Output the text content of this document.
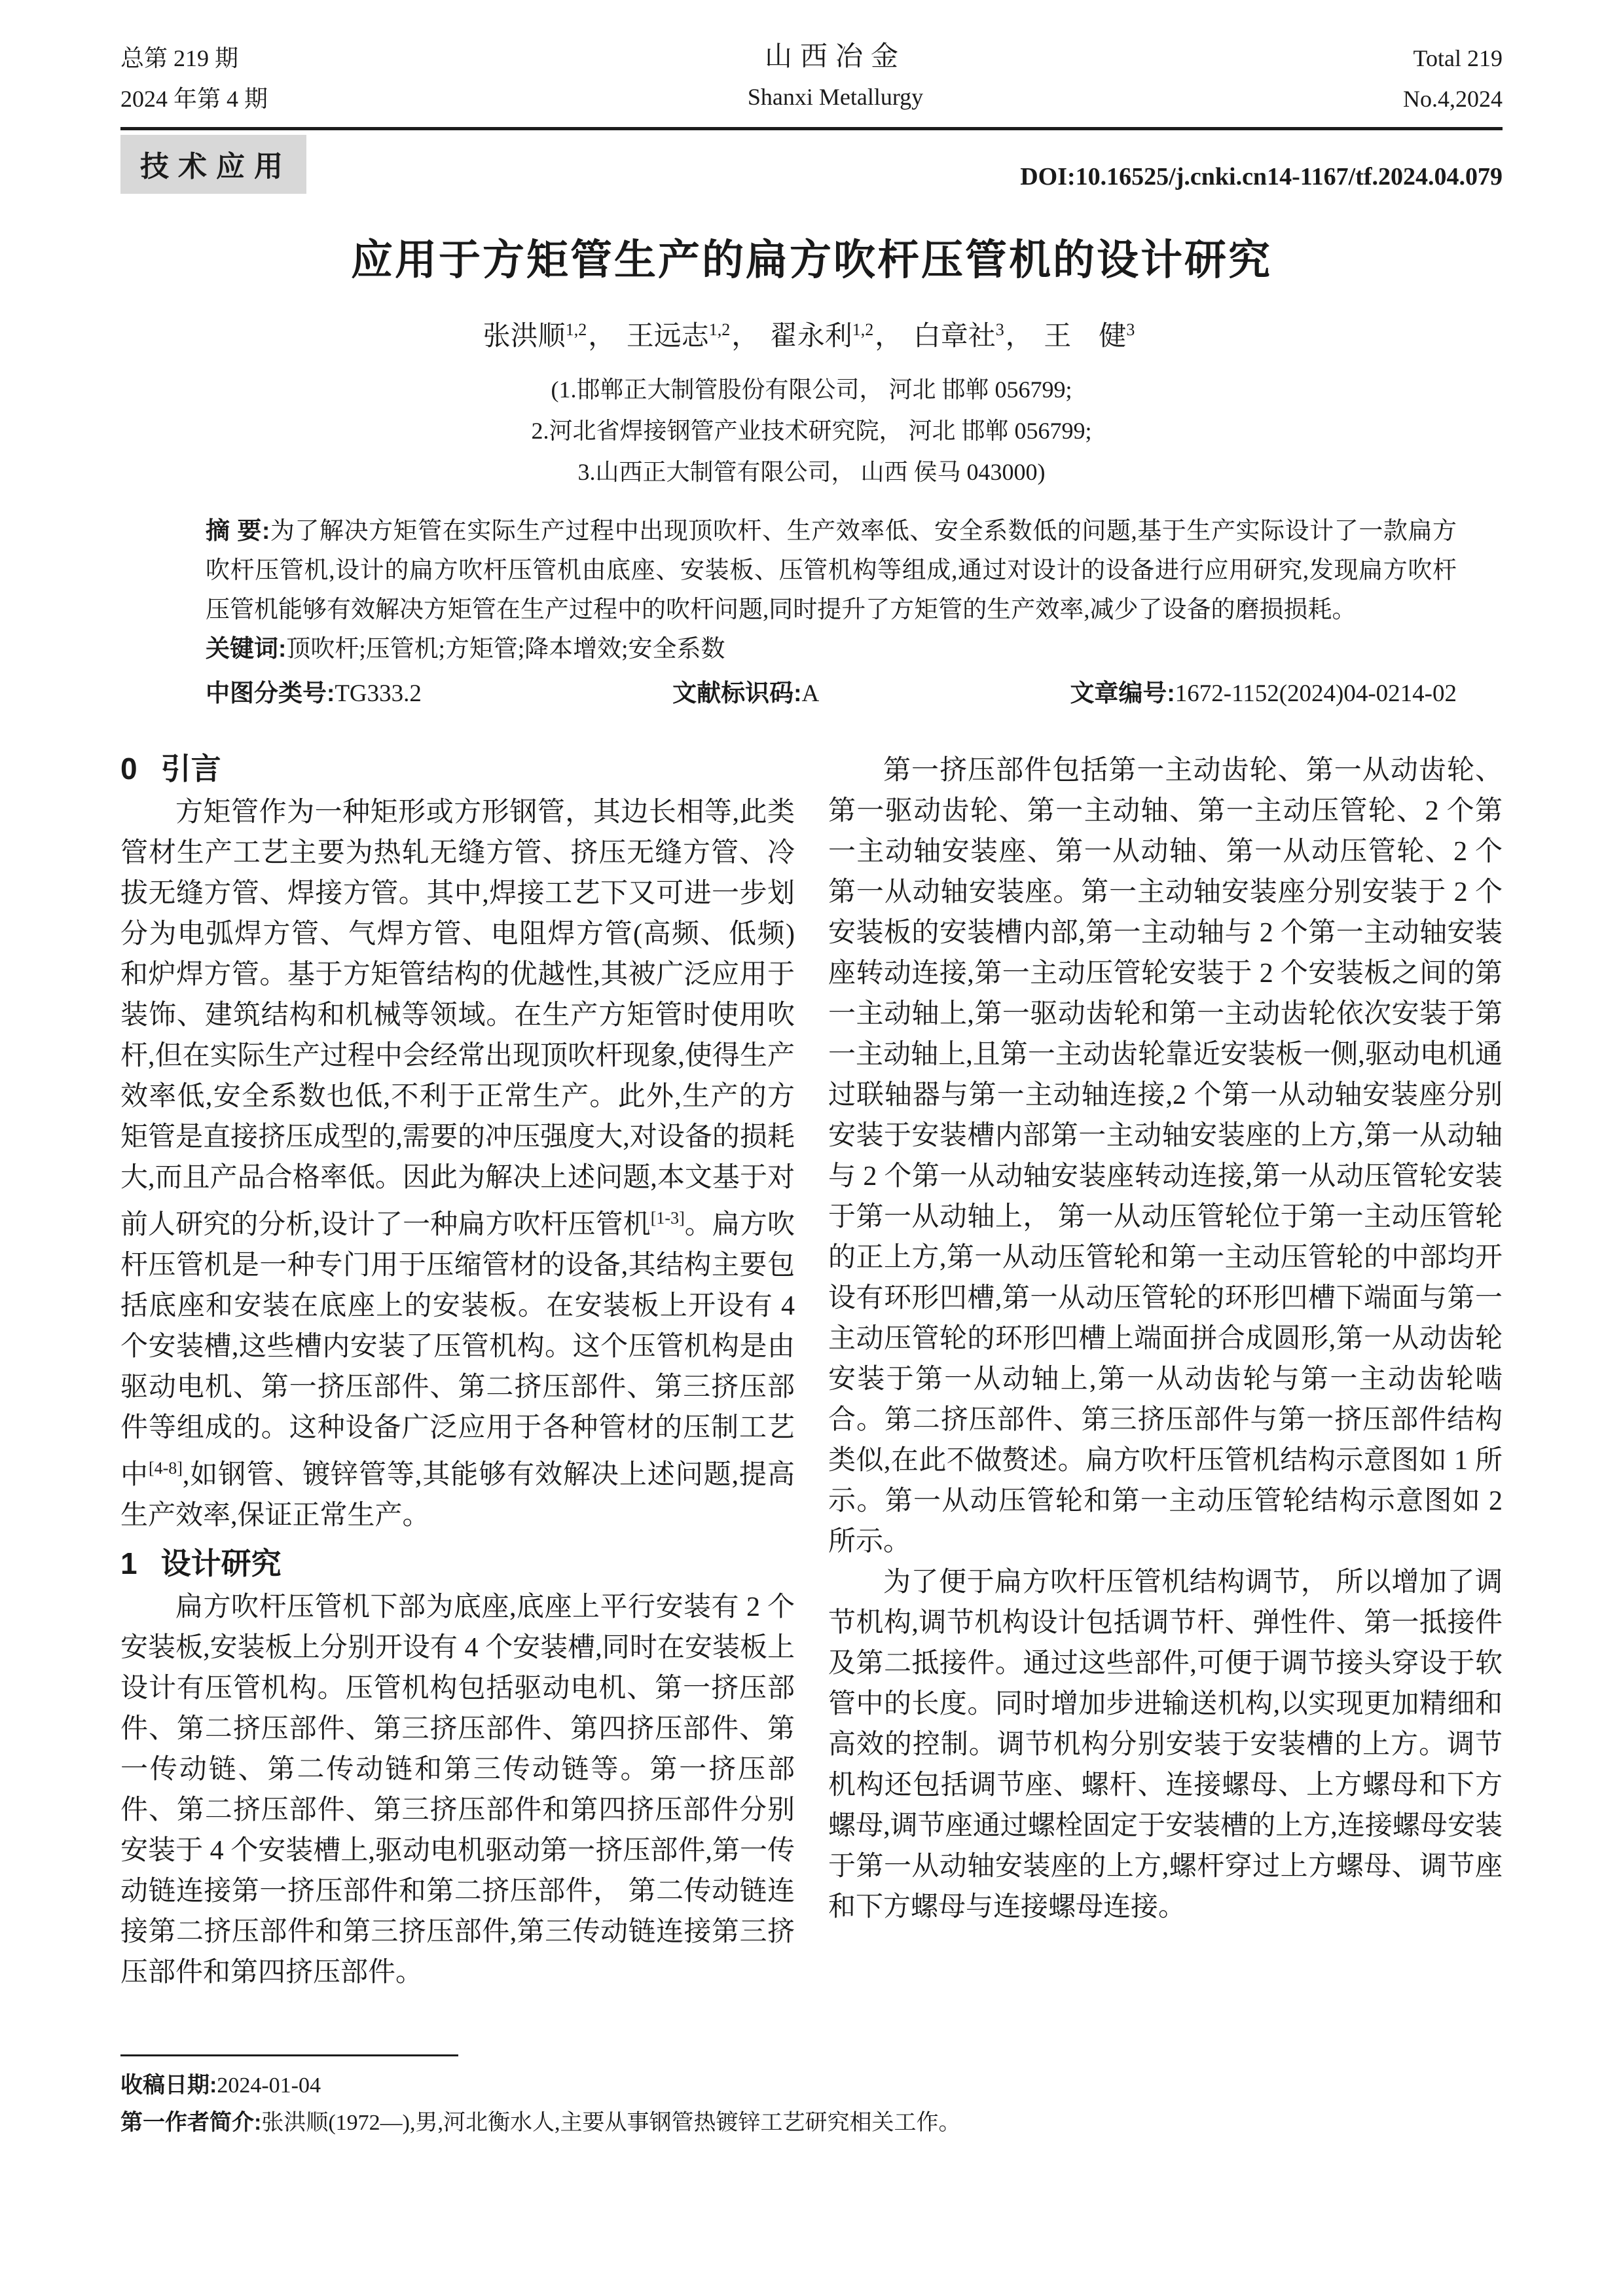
总第 219 期
2024 年第 4 期
山西冶金
Shanxi Metallurgy
Total 219
No.4,2024
技术应用	DOI:10.16525/j.cnki.cn14-1167/tf.2024.04.079
应用于方矩管生产的扁方吹杆压管机的设计研究
张洪顺$^{1,2}$， 王远志$^{1,2}$， 翟永利$^{1,2}$， 白章社$^3$， 王　健$^3$
(1.邯郸正大制管股份有限公司， 河北 邯郸 056799;
2.河北省焊接钢管产业技术研究院， 河北 邯郸 056799;
3.山西正大制管有限公司， 山西 侯马 043000)
摘 要:为了解决方矩管在实际生产过程中出现顶吹杆、生产效率低、安全系数低的问题,基于生产实际设计了一款扁方吹杆压管机,设计的扁方吹杆压管机由底座、安装板、压管机构等组成,通过对设计的设备进行应用研究,发现扁方吹杆压管机能够有效解决方矩管在生产过程中的吹杆问题,同时提升了方矩管的生产效率,减少了设备的磨损损耗。
关键词:顶吹杆;压管机;方矩管;降本增效;安全系数
中图分类号:TG333.2	文献标识码:A	文章编号:1672-1152(2024)04-0214-02
0 引言

方矩管作为一种矩形或方形钢管，其边长相等,此类管材生产工艺主要为热轧无缝方管、挤压无缝方管、冷拔无缝方管、焊接方管。其中,焊接工艺下又可进一步划分为电弧焊方管、气焊方管、电阻焊方管(高频、低频)和炉焊方管。基于方矩管结构的优越性,其被广泛应用于装饰、建筑结构和机械等领域。在生产方矩管时使用吹杆,但在实际生产过程中会经常出现顶吹杆现象,使得生产效率低,安全系数也低,不利于正常生产。此外,生产的方矩管是直接挤压成型的,需要的冲压强度大,对设备的损耗大,而且产品合格率低。因此为解决上述问题,本文基于对前人研究的分析,设计了一种扁方吹杆压管机[1-3]。扁方吹杆压管机是一种专门用于压缩管材的设备,其结构主要包括底座和安装在底座上的安装板。在安装板上开设有 4 个安装槽,这些槽内安装了压管机构。这个压管机构是由驱动电机、第一挤压部件、第二挤压部件、第三挤压部件等组成的。这种设备广泛应用于各种管材的压制工艺中[4-8],如钢管、镀锌管等,其能够有效解决上述问题,提高生产效率,保证正常生产。

1 设计研究

扁方吹杆压管机下部为底座,底座上平行安装有 2 个安装板,安装板上分别开设有 4 个安装槽,同时在安装板上设计有压管机构。压管机构包括驱动电机、第一挤压部件、第二挤压部件、第三挤压部件、第四挤压部件、第一传动链、第二传动链和第三传动链等。第一挤压部件、第二挤压部件、第三挤压部件和第四挤压部件分别安装于 4 个安装槽上,驱动电机驱动第一挤压部件,第一传动链连接第一挤压部件和第二挤压部件， 第二传动链连接第二挤压部件和第三挤压部件,第三传动链连接第三挤压部件和第四挤压部件。

第一挤压部件包括第一主动齿轮、第一从动齿轮、第一驱动齿轮、第一主动轴、第一主动压管轮、2 个第一主动轴安装座、第一从动轴、第一从动压管轮、2 个第一从动轴安装座。第一主动轴安装座分别安装于 2 个安装板的安装槽内部,第一主动轴与 2 个第一主动轴安装座转动连接,第一主动压管轮安装于 2 个安装板之间的第一主动轴上,第一驱动齿轮和第一主动齿轮依次安装于第一主动轴上,且第一主动齿轮靠近安装板一侧,驱动电机通过联轴器与第一主动轴连接,2 个第一从动轴安装座分别安装于安装槽内部第一主动轴安装座的上方,第一从动轴与 2 个第一从动轴安装座转动连接,第一从动压管轮安装于第一从动轴上， 第一从动压管轮位于第一主动压管轮的正上方,第一从动压管轮和第一主动压管轮的中部均开设有环形凹槽,第一从动压管轮的环形凹槽下端面与第一主动压管轮的环形凹槽上端面拼合成圆形,第一从动齿轮安装于第一从动轴上,第一从动齿轮与第一主动齿轮啮合。第二挤压部件、第三挤压部件与第一挤压部件结构类似,在此不做赘述。扁方吹杆压管机结构示意图如 1 所示。第一从动压管轮和第一主动压管轮结构示意图如 2 所示。

为了便于扁方吹杆压管机结构调节， 所以增加了调节机构,调节机构设计包括调节杆、弹性件、第一抵接件及第二抵接件。通过这些部件,可便于调节接头穿设于软管中的长度。同时增加步进输送机构,以实现更加精细和高效的控制。调节机构分别安装于安装槽的上方。调节机构还包括调节座、螺杆、连接螺母、上方螺母和下方螺母,调节座通过螺栓固定于安装槽的上方,连接螺母安装于第一从动轴安装座的上方,螺杆穿过上方螺母、调节座和下方螺母与连接螺母连接。

收稿日期:2024-01-04
第一作者简介:张洪顺(1972—),男,河北衡水人,主要从事钢管热镀锌工艺研究相关工作。
